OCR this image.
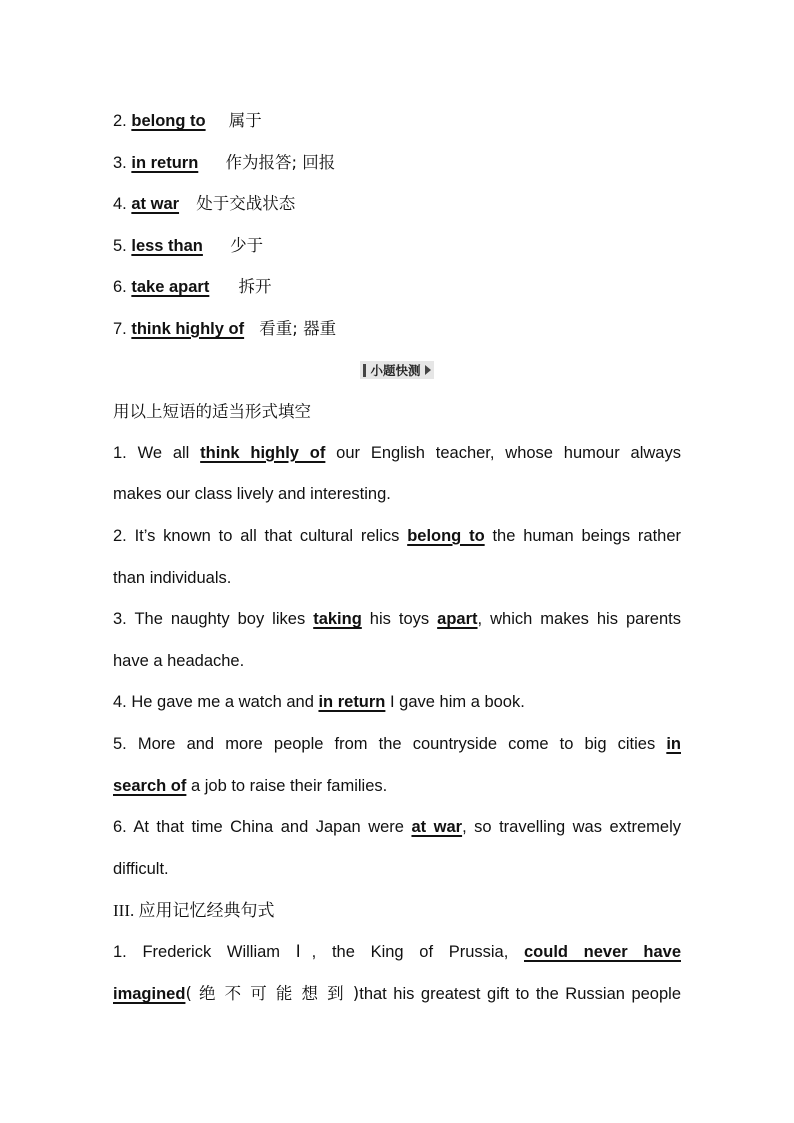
2. belong to 属于
3. in return 作为报答; 回报
4. at war 处于交战状态
5. less than 少于
6. take apart 拆开
7. think highly of 看重; 器重
小题快测
用以上短语的适当形式填空
1. We all think highly of our English teacher, whose humour always
makes our class lively and interesting.
2. It’s known to all that cultural relics belong to the human beings rather
than individuals.
3. The naughty boy likes taking his toys apart, which makes his parents
have a headache.
4. He gave me a watch and in return I gave him a book.
5. More and more people from the countryside come to big cities in
search of a job to raise their families.
6. At that time China and Japan were at war, so travelling was extremely
difficult.
III. 应用记忆经典句式
1. Frederick William Ⅰ, the King of Prussia, could never have
imagined( 绝 不 可 能 想 到 )that his greatest gift to the Russian people
